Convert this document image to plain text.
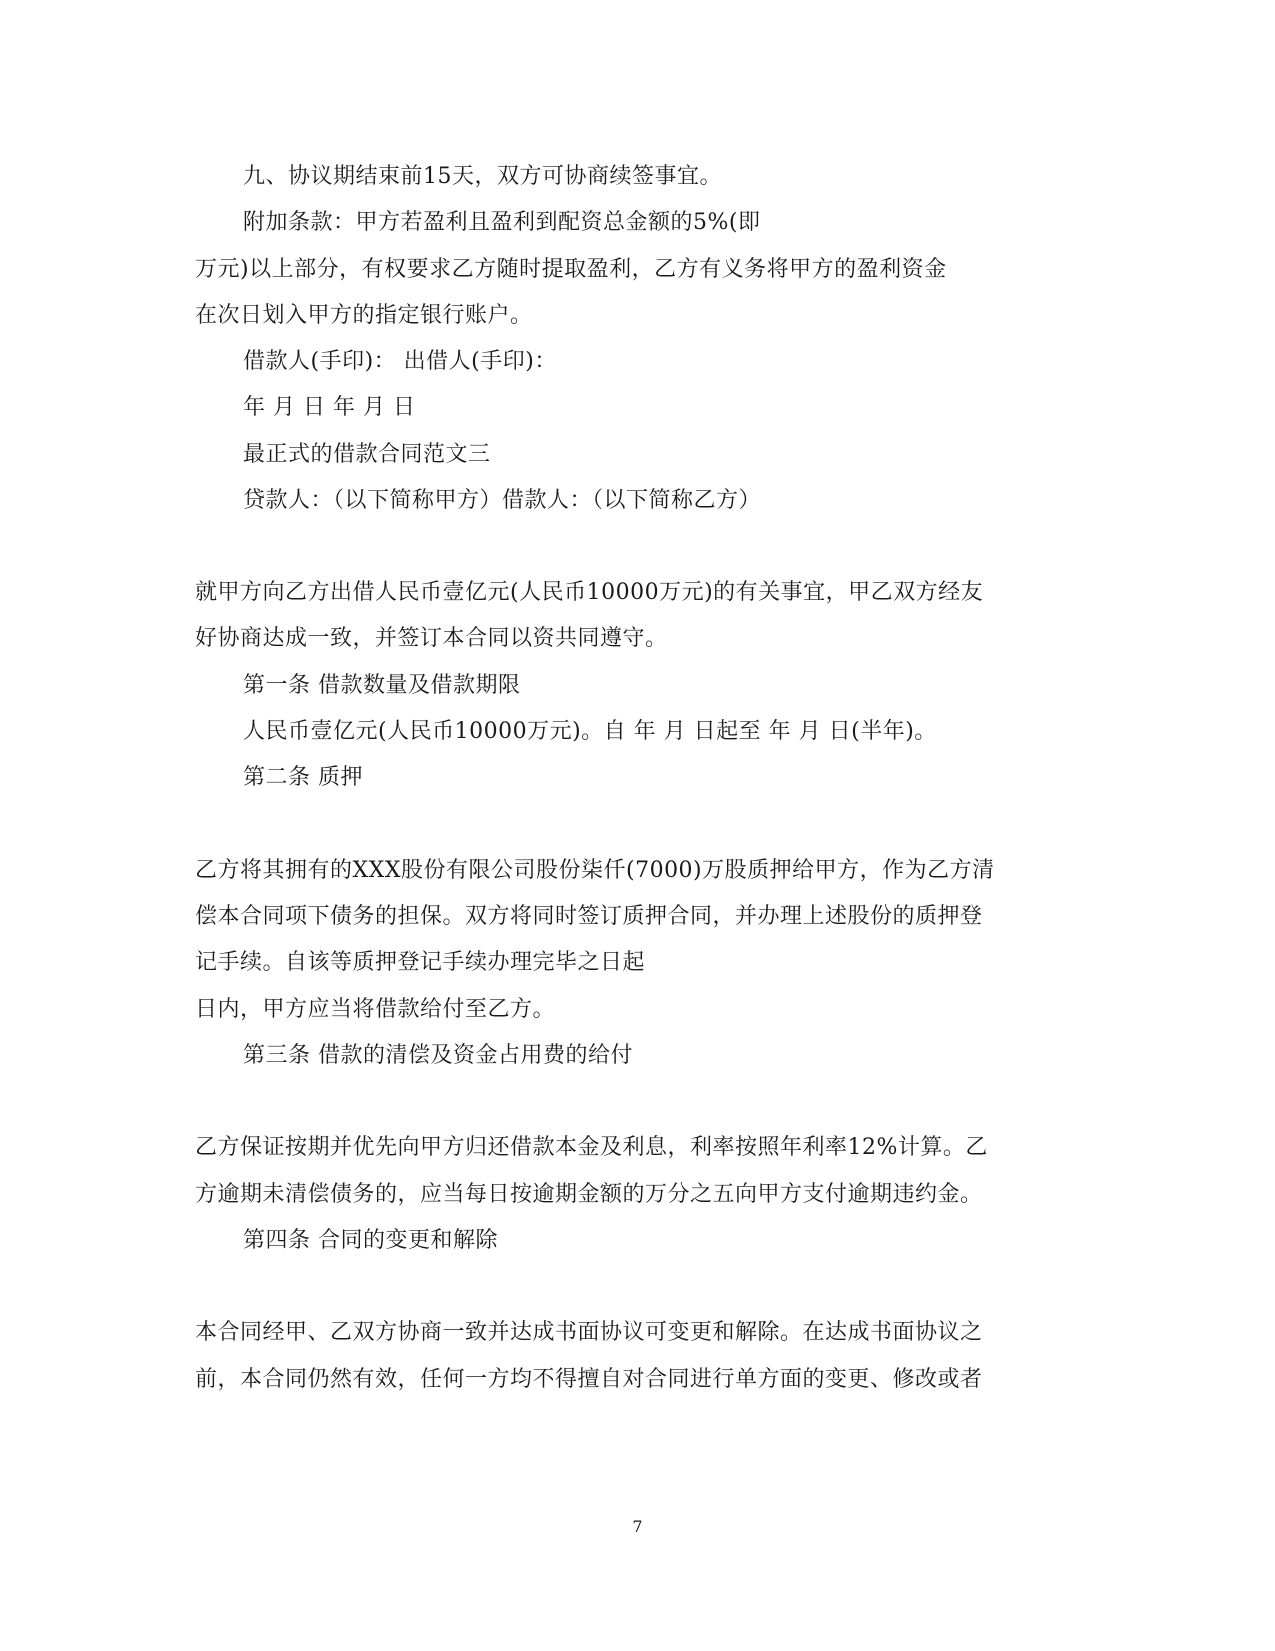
九、协议期结束前15天，双方可协商续签事宜。
附加条款：甲方若盈利且盈利到配资总金额的5%(即
万元)以上部分，有权要求乙方随时提取盈利，乙方有义务将甲方的盈利资金
在次日划入甲方的指定银行账户。
借款人(手印)： 出借人(手印)：
年 月 日 年 月 日
最正式的借款合同范文三
贷款人：（以下简称甲方）借款人：（以下简称乙方）
就甲方向乙方出借人民币壹亿元(人民币10000万元)的有关事宜，甲乙双方经友
好协商达成一致，并签订本合同以资共同遵守。
第一条 借款数量及借款期限
人民币壹亿元(人民币10000万元)。自 年 月 日起至 年 月 日(半年)。
第二条 质押
乙方将其拥有的XXX股份有限公司股份柒仟(7000)万股质押给甲方，作为乙方清
偿本合同项下债务的担保。双方将同时签订质押合同，并办理上述股份的质押登
记手续。自该等质押登记手续办理完毕之日起
日内，甲方应当将借款给付至乙方。
第三条 借款的清偿及资金占用费的给付
乙方保证按期并优先向甲方归还借款本金及利息，利率按照年利率12%计算。乙
方逾期未清偿债务的，应当每日按逾期金额的万分之五向甲方支付逾期违约金。
第四条 合同的变更和解除
本合同经甲、乙双方协商一致并达成书面协议可变更和解除。在达成书面协议之
前，本合同仍然有效，任何一方均不得擅自对合同进行单方面的变更、修改或者
7
